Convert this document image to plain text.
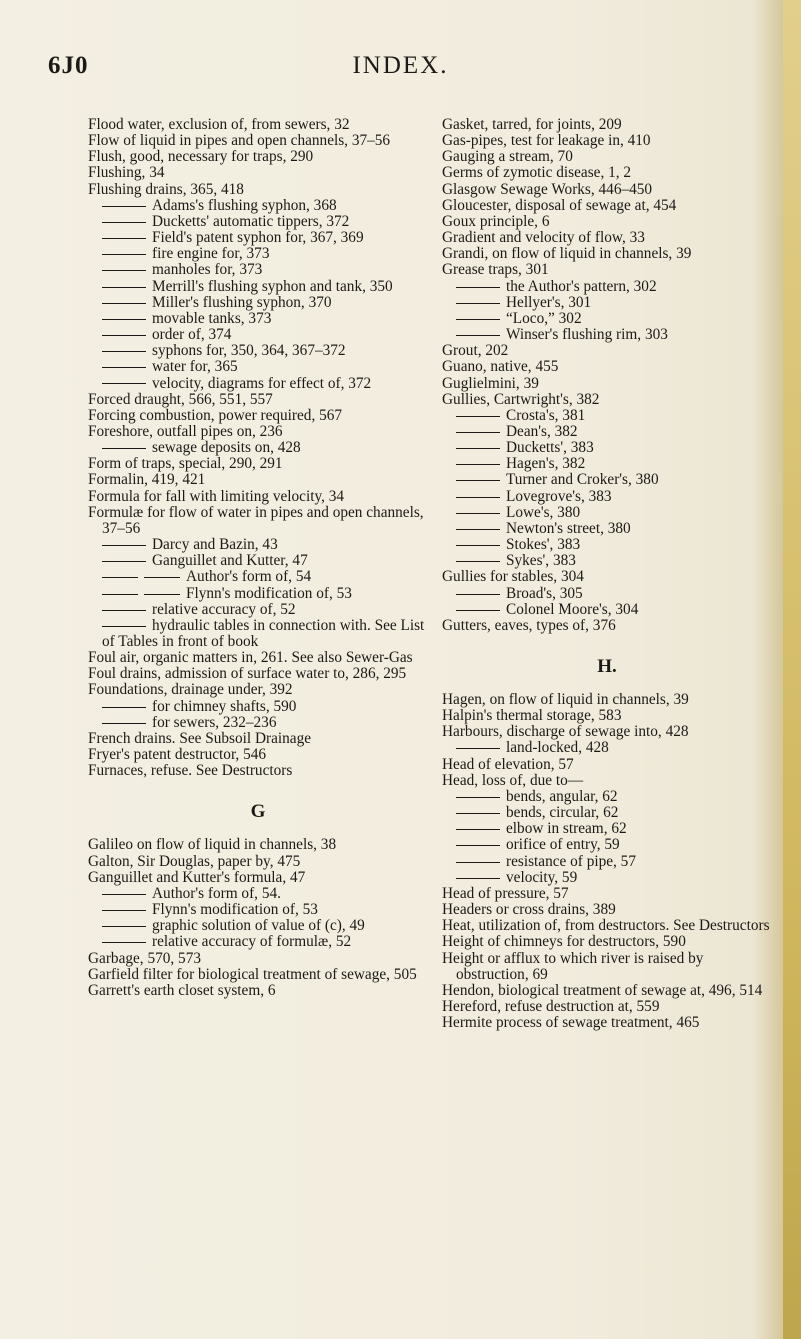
6J0	INDEX.
Flood water, exclusion of, from sewers, 32
Flow of liquid in pipes and open channels, 37–56
Flush, good, necessary for traps, 290
Flushing, 34
Flushing drains, 365, 418
Adams's flushing syphon, 368
Ducketts' automatic tippers, 372
Field's patent syphon for, 367, 369
fire engine for, 373
manholes for, 373
Merrill's flushing syphon and tank, 350
Miller's flushing syphon, 370
movable tanks, 373
order of, 374
syphons for, 350, 364, 367–372
water for, 365
velocity, diagrams for effect of, 372
Forced draught, 566, 551, 557
Forcing combustion, power required, 567
Foreshore, outfall pipes on, 236
sewage deposits on, 428
Form of traps, special, 290, 291
Formalin, 419, 421
Formula for fall with limiting velocity, 34
Formulæ for flow of water in pipes and open channels, 37–56
Darcy and Bazin, 43
Ganguillet and Kutter, 47
Author's form of, 54
Flynn's modification of, 53
relative accuracy of, 52
hydraulic tables in connection with. See List of Tables in front of book
Foul air, organic matters in, 261. See also Sewer-Gas
Foul drains, admission of surface water to, 286, 295
Foundations, drainage under, 392
for chimney shafts, 590
for sewers, 232–236
French drains. See Subsoil Drainage
Fryer's patent destructor, 546
Furnaces, refuse. See Destructors
G
Galileo on flow of liquid in channels, 38
Galton, Sir Douglas, paper by, 475
Ganguillet and Kutter's formula, 47
Author's form of, 54.
Flynn's modification of, 53
graphic solution of value of (c), 49
relative accuracy of formulæ, 52
Garbage, 570, 573
Garfield filter for biological treatment of sewage, 505
Garrett's earth closet system, 6
Gasket, tarred, for joints, 209
Gas-pipes, test for leakage in, 410
Gauging a stream, 70
Germs of zymotic disease, 1, 2
Glasgow Sewage Works, 446–450
Gloucester, disposal of sewage at, 454
Goux principle, 6
Gradient and velocity of flow, 33
Grandi, on flow of liquid in channels, 39
Grease traps, 301
the Author's pattern, 302
Hellyer's, 301
“Loco,” 302
Winser's flushing rim, 303
Grout, 202
Guano, native, 455
Guglielmini, 39
Gullies, Cartwright's, 382
Crosta's, 381
Dean's, 382
Ducketts', 383
Hagen's, 382
Turner and Croker's, 380
Lovegrove's, 383
Lowe's, 380
Newton's street, 380
Stokes', 383
Sykes', 383
Gullies for stables, 304
Broad's, 305
Colonel Moore's, 304
Gutters, eaves, types of, 376
H.
Hagen, on flow of liquid in channels, 39
Halpin's thermal storage, 583
Harbours, discharge of sewage into, 428
land-locked, 428
Head of elevation, 57
Head, loss of, due to—
bends, angular, 62
bends, circular, 62
elbow in stream, 62
orifice of entry, 59
resistance of pipe, 57
velocity, 59
Head of pressure, 57
Headers or cross drains, 389
Heat, utilization of, from destructors. See Destructors
Height of chimneys for destructors, 590
Height or afflux to which river is raised by obstruction, 69
Hendon, biological treatment of sewage at, 496, 514
Hereford, refuse destruction at, 559
Hermite process of sewage treatment, 465
